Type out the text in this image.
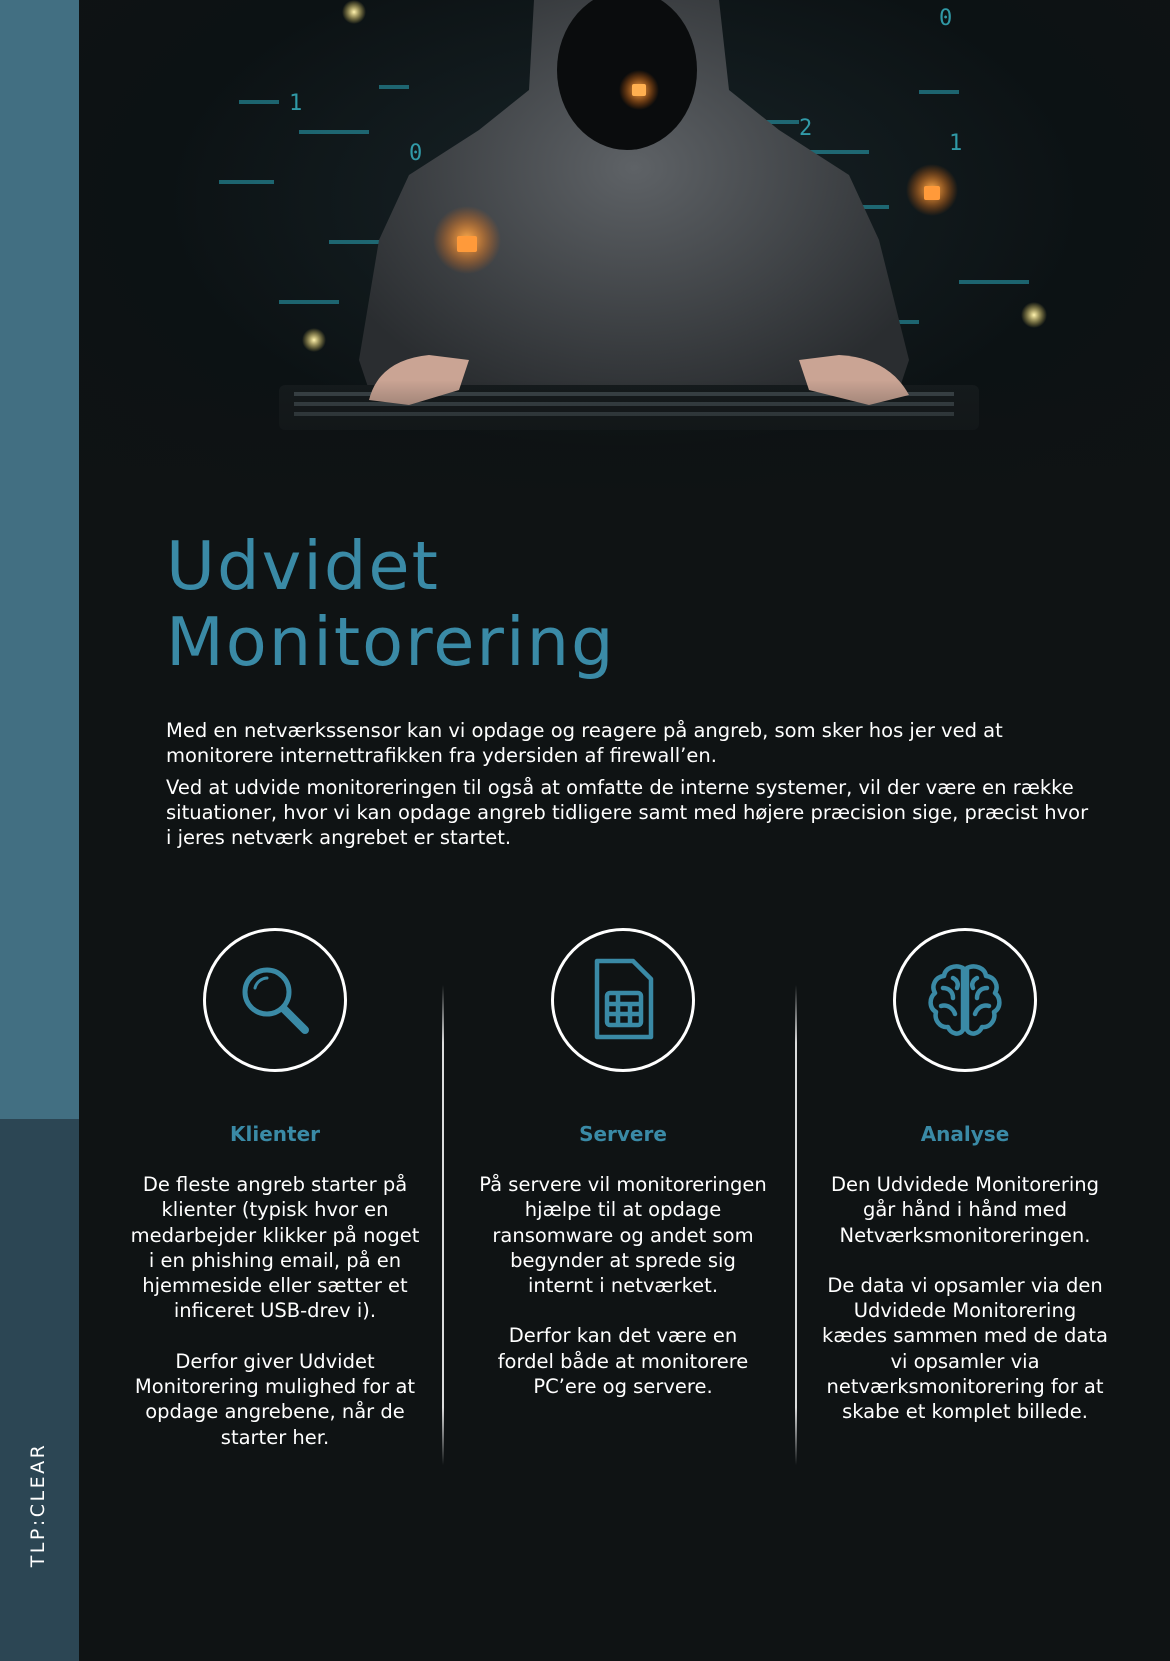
TLP:CLEAR
0
0
2
1
1
Udvidet
Monitorering

Med en netværkssensor kan vi opdage og reagere på angreb, som sker hos jer ved at monitorere internettrafikken fra ydersiden af firewall’en.

Ved at udvide monitoreringen til også at omfatte de interne systemer, vil der være en række situationer, hvor vi kan opdage angreb tidligere samt med højere præcision sige, præcist hvor i jeres netværk angrebet er startet.

Klienter

De fleste angreb starter på klienter (typisk hvor en medarbejder klikker på noget i en phishing email, på en hjemmeside eller sætter et inficeret USB-drev i).

Derfor giver Udvidet Monitorering mulighed for at opdage angrebene, når de starter her.

Servere

På servere vil monitoreringen hjælpe til at opdage ransomware og andet som begynder at sprede sig internt i netværket.

Derfor kan det være en fordel både at monitorere PC’ere og servere.

Analyse

Den Udvidede Monitorering går hånd i hånd med Netværksmonitoreringen.

De data vi opsamler via den Udvidede Monitorering kædes sammen med de data vi opsamler via netværksmonitorering for at skabe et komplet billede.
